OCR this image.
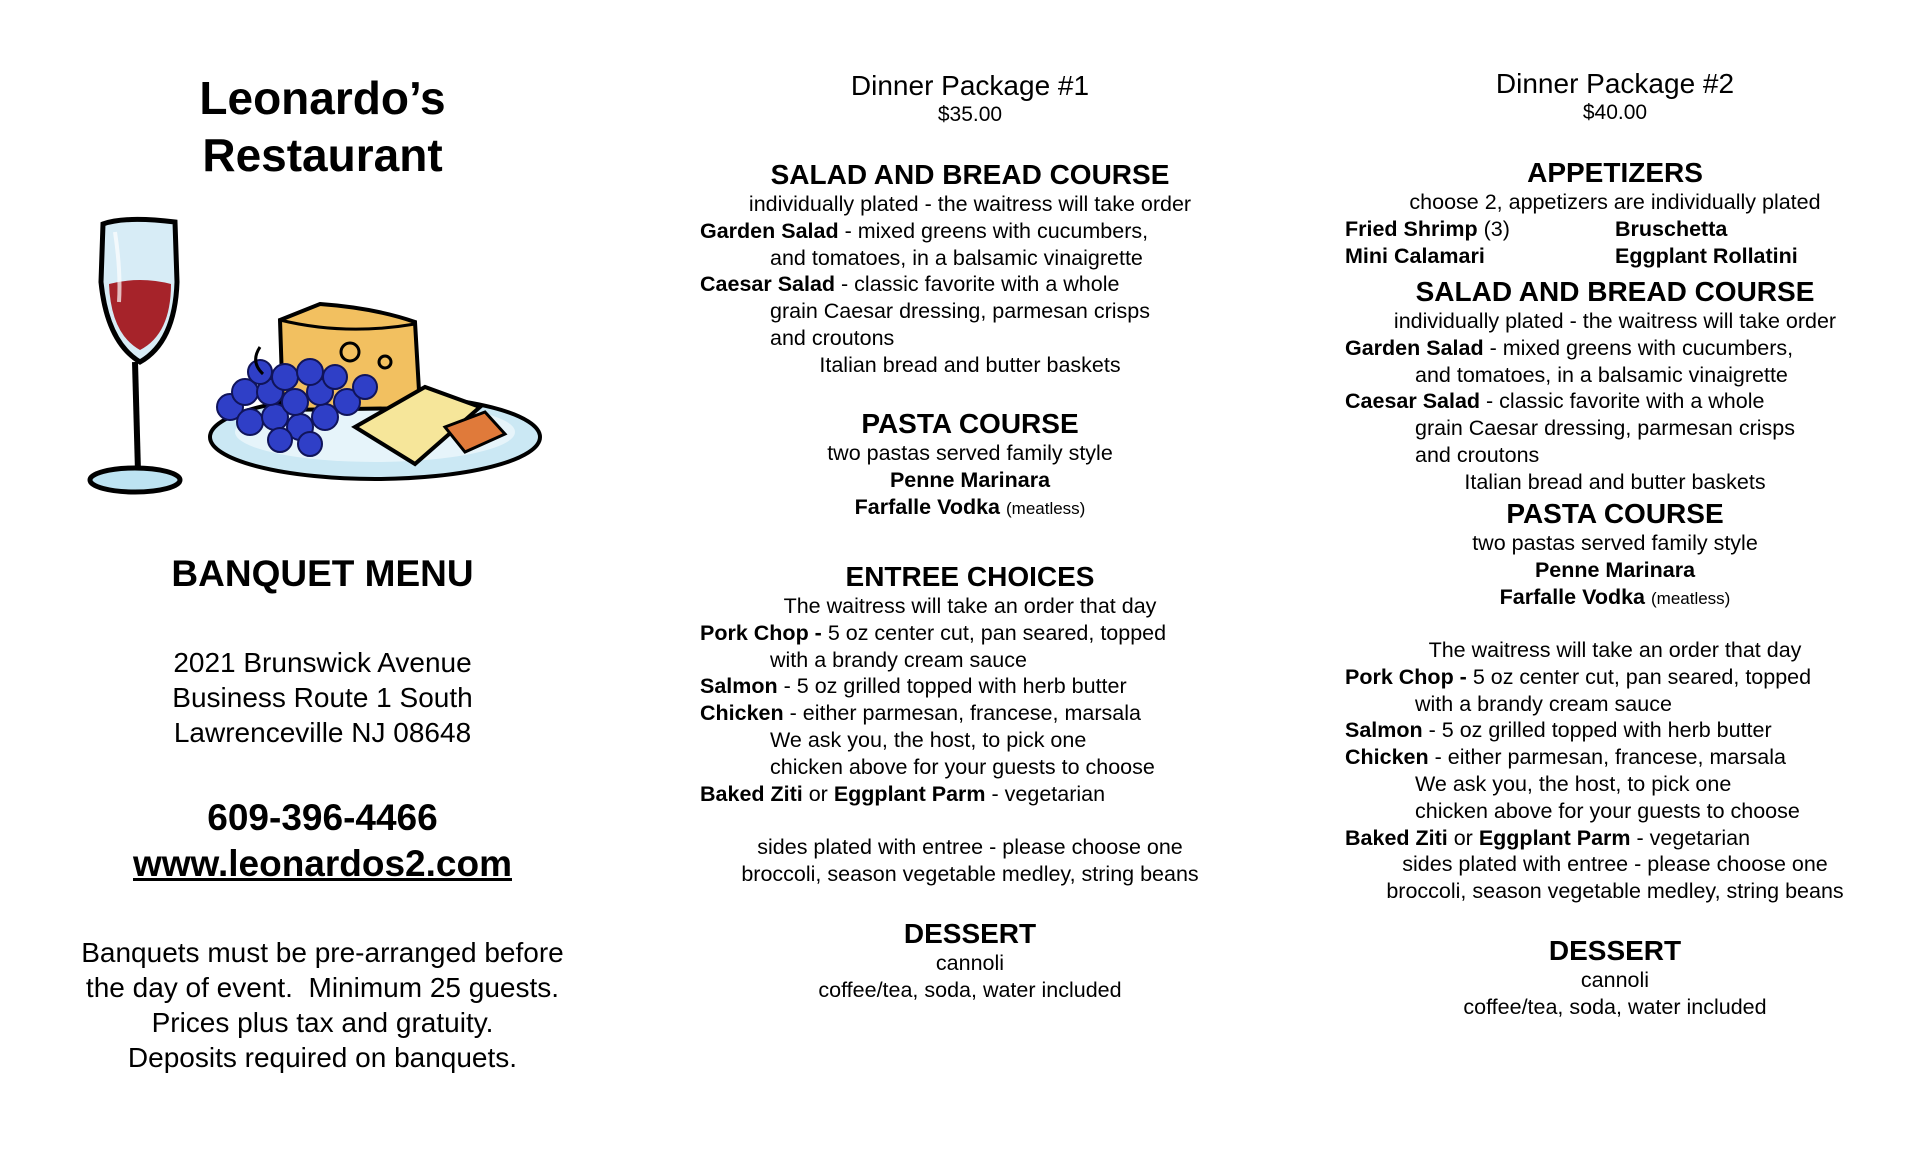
Leonardo’s
Restaurant
BANQUET MENU
2021 Brunswick Avenue
Business Route 1 South
Lawrenceville NJ 08648
609-396-4466
www.leonardos2.com
Banquets must be pre-arranged before
the day of event.  Minimum 25 guests.
Prices plus tax and gratuity.
Deposits required on banquets.
Dinner Package #1
$35.00
SALAD AND BREAD COURSE
individually plated - the waitress will take order
Garden Salad - mixed greens with cucumbers,
and tomatoes, in a balsamic vinaigrette
Caesar Salad - classic favorite with a whole
grain Caesar dressing, parmesan crisps
and croutons
Italian bread and butter baskets
PASTA COURSE
two pastas served family style
Penne Marinara
Farfalle Vodka (meatless)
ENTREE CHOICES
The waitress will take an order that day
Pork Chop - 5 oz center cut, pan seared, topped
with a brandy cream sauce
Salmon - 5 oz grilled topped with herb butter
Chicken - either parmesan, francese, marsala
We ask you, the host, to pick one
chicken above for your guests to choose
Baked Ziti or Eggplant Parm - vegetarian
sides plated with entree - please choose one
broccoli, season vegetable medley, string beans
DESSERT
cannoli
coffee/tea, soda, water included
Dinner Package #2
$40.00
APPETIZERS
choose 2, appetizers are individually plated
Fried Shrimp (3)	Bruschetta
Mini Calamari	Eggplant Rollatini
SALAD AND BREAD COURSE
individually plated - the waitress will take order
Garden Salad - mixed greens with cucumbers,
and tomatoes, in a balsamic vinaigrette
Caesar Salad - classic favorite with a whole
grain Caesar dressing, parmesan crisps
and croutons
Italian bread and butter baskets
PASTA COURSE
two pastas served family style
Penne Marinara
Farfalle Vodka (meatless)
The waitress will take an order that day
Pork Chop - 5 oz center cut, pan seared, topped
with a brandy cream sauce
Salmon - 5 oz grilled topped with herb butter
Chicken - either parmesan, francese, marsala
We ask you, the host, to pick one
chicken above for your guests to choose
Baked Ziti or Eggplant Parm - vegetarian
sides plated with entree - please choose one
broccoli, season vegetable medley, string beans
DESSERT
cannoli
coffee/tea, soda, water included
